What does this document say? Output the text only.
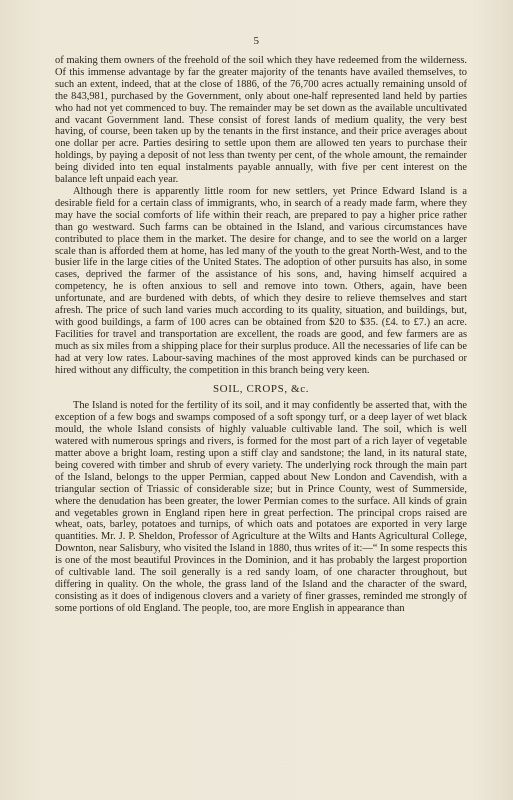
5

of making them owners of the freehold of the soil which they have redeemed from the wilderness. Of this immense advantage by far the greater majority of the tenants have availed themselves, to such an extent, indeed, that at the close of 1886, of the 76,700 acres actually remaining unsold of the 843,981, purchased by the Government, only about one-half represented land held by parties who had not yet commenced to buy. The remainder may be set down as the available uncultivated and vacant Government land. These consist of forest lands of medium quality, the very best having, of course, been taken up by the tenants in the first instance, and their price averages about one dollar per acre. Parties desiring to settle upon them are allowed ten years to purchase their holdings, by paying a deposit of not less than twenty per cent, of the whole amount, the remainder being divided into ten equal instalments payable annually, with five per cent interest on the balance left unpaid each year.

Although there is apparently little room for new settlers, yet Prince Edward Island is a desirable field for a certain class of immigrants, who, in search of a ready made farm, where they may have the social comforts of life within their reach, are prepared to pay a higher price rather than go westward. Such farms can be obtained in the Island, and various circumstances have contributed to place them in the market. The desire for change, and to see the world on a larger scale than is afforded them at home, has led many of the youth to the great North-West, and to the busier life in the large cities of the United States. The adoption of other pursuits has also, in some cases, deprived the farmer of the assistance of his sons, and, having himself acquired a competency, he is often anxious to sell and remove into town. Others, again, have been unfortunate, and are burdened with debts, of which they desire to relieve themselves and start afresh. The price of such land varies much according to its quality, situation, and buildings, but, with good buildings, a farm of 100 acres can be obtained from $20 to $35. (£4. to £7.) an acre. Facilities for travel and transportation are excellent, the roads are good, and few farmers are as much as six miles from a shipping place for their surplus produce. All the necessaries of life can be had at very low rates. Labour-saving machines of the most approved kinds can be purchased or hired without any difficulty, the competition in this branch being very keen.

SOIL, CROPS, &c.

The Island is noted for the fertility of its soil, and it may confidently be asserted that, with the exception of a few bogs and swamps composed of a soft spongy turf, or a deep layer of wet black mould, the whole Island consists of highly valuable cultivable land. The soil, which is well watered with numerous springs and rivers, is formed for the most part of a rich layer of vegetable matter above a bright loam, resting upon a stiff clay and sandstone; the land, in its natural state, being covered with timber and shrub of every variety. The underlying rock through the main part of the Island, belongs to the upper Permian, capped about New London and Cavendish, with a triangular section of Triassic of considerable size; but in Prince County, west of Summerside, where the denudation has been greater, the lower Permian comes to the surface. All kinds of grain and vegetables grown in England ripen here in great perfection. The principal crops raised are wheat, oats, barley, potatoes and turnips, of which oats and potatoes are exported in very large quantities. Mr. J. P. Sheldon, Professor of Agriculture at the Wilts and Hants Agricultural College, Downton, near Salisbury, who visited the Island in 1880, thus writes of it:—“ In some respects this is one of the most beautiful Provinces in the Dominion, and it has probably the largest proportion of cultivable land. The soil generally is a red sandy loam, of one character throughout, but differing in quality. On the whole, the grass land of the Island and the character of the sward, consisting as it does of indigenous clovers and a variety of finer grasses, reminded me strongly of some portions of old England. The people, too, are more English in appearance than
